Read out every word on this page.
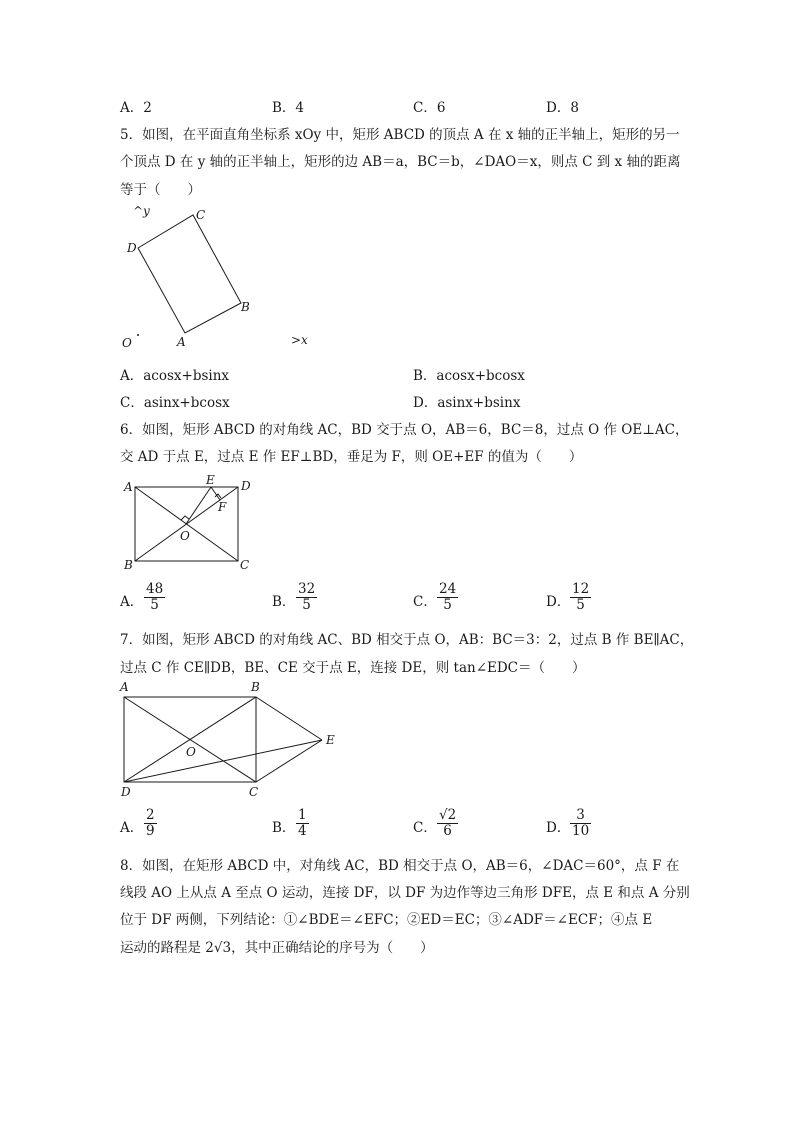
A．2	B．4	C．6	D．8
5．如图，在平面直角坐标系 xOy 中，矩形 ABCD 的顶点 A 在 x 轴的正半轴上，矩形的另一
个顶点 D 在 y 轴的正半轴上，矩形的边 AB＝a，BC＝b，∠DAO＝x，则点 C 到 x 轴的距离
等于（　　）
^y	C
D
B
O	A	>x
A．acosx+bsinx	B．acosx+bcosx
C．asinx+bcosx	D．asinx+bsinx
6．如图，矩形 ABCD 的对角线 AC，BD 交于点 O，AB＝6，BC＝8，过点 O 作 OE⊥AC，
交 AD 于点 E，过点 E 作 EF⊥BD，垂足为 F，则 OE+EF 的值为（　　）
A	E D
F
O
B	C
A． $\frac{48}{5}$	B． $\frac{32}{5}$	C． $\frac{24}{5}$	D． $\frac{12}{5}$
7．如图，矩形 ABCD 的对角线 AC、BD 相交于点 O，AB：BC＝3：2，过点 B 作 BE∥AC，
过点 C 作 CE∥DB，BE、CE 交于点 E，连接 DE，则 tan∠EDC＝（　　）
A	B
E
O
D	C
A． $\frac{2}{9}$	B． $\frac{1}{4}$	C． $\frac{√2}{6}$	D． $\frac{3}{10}$
8．如图，在矩形 ABCD 中，对角线 AC，BD 相交于点 O，AB＝6，∠DAC＝60°，点 F 在
线段 AO 上从点 A 至点 O 运动，连接 DF，以 DF 为边作等边三角形 DFE，点 E 和点 A 分别
位于 DF 两侧，下列结论：①∠BDE＝∠EFC；②ED＝EC；③∠ADF＝∠ECF；④点 E
运动的路程是 2√3，其中正确结论的序号为（　　）
